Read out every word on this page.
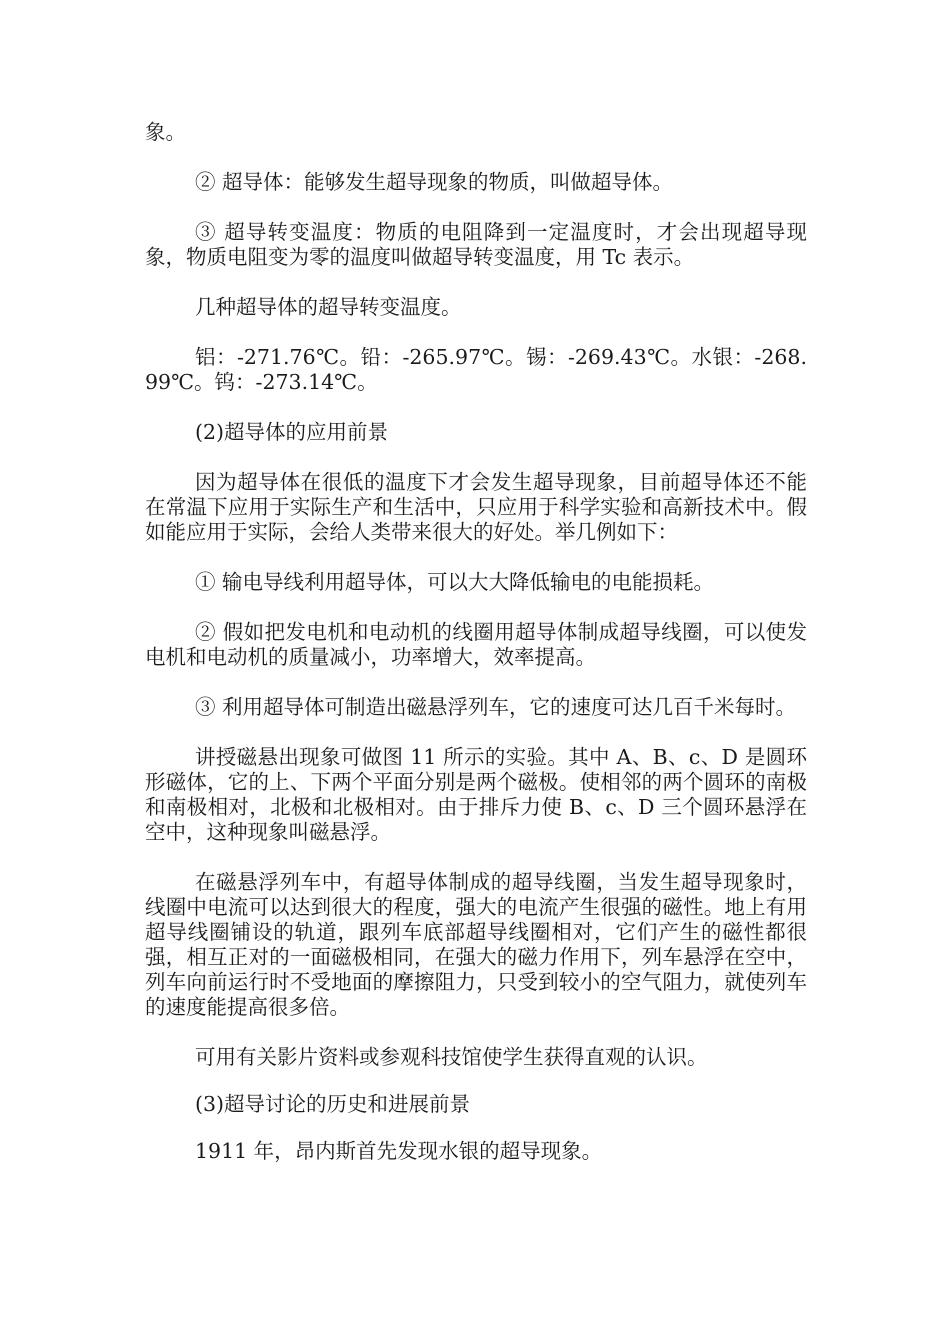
象。

② 超导体：能够发生超导现象的物质，叫做超导体。

③ 超导转变温度：物质的电阻降到一定温度时，才会出现超导现象，物质电阻变为零的温度叫做超导转变温度，用 Tc 表示。

几种超导体的超导转变温度。

铝：-271.76℃。铅：-265.97℃。锡：-269.43℃。水银：-268.99℃。钨：-273.14℃。

(2)超导体的应用前景

因为超导体在很低的温度下才会发生超导现象，目前超导体还不能在常温下应用于实际生产和生活中，只应用于科学实验和高新技术中。假如能应用于实际，会给人类带来很大的好处。举几例如下：

① 输电导线利用超导体，可以大大降低输电的电能损耗。

② 假如把发电机和电动机的线圈用超导体制成超导线圈，可以使发电机和电动机的质量减小，功率增大，效率提高。

③ 利用超导体可制造出磁悬浮列车，它的速度可达几百千米每时。

讲授磁悬出现象可做图 11 所示的实验。其中 A、B、c、D 是圆环形磁体，它的上、下两个平面分别是两个磁极。使相邻的两个圆环的南极和南极相对，北极和北极相对。由于排斥力使 B、c、D 三个圆环悬浮在空中，这种现象叫磁悬浮。

在磁悬浮列车中，有超导体制成的超导线圈，当发生超导现象时，线圈中电流可以达到很大的程度，强大的电流产生很强的磁性。地上有用超导线圈铺设的轨道，跟列车底部超导线圈相对，它们产生的磁性都很强，相互正对的一面磁极相同，在强大的磁力作用下，列车悬浮在空中，列车向前运行时不受地面的摩擦阻力，只受到较小的空气阻力，就使列车的速度能提高很多倍。

可用有关影片资料或参观科技馆使学生获得直观的认识。

(3)超导讨论的历史和进展前景

1911 年，昂内斯首先发现水银的超导现象。
